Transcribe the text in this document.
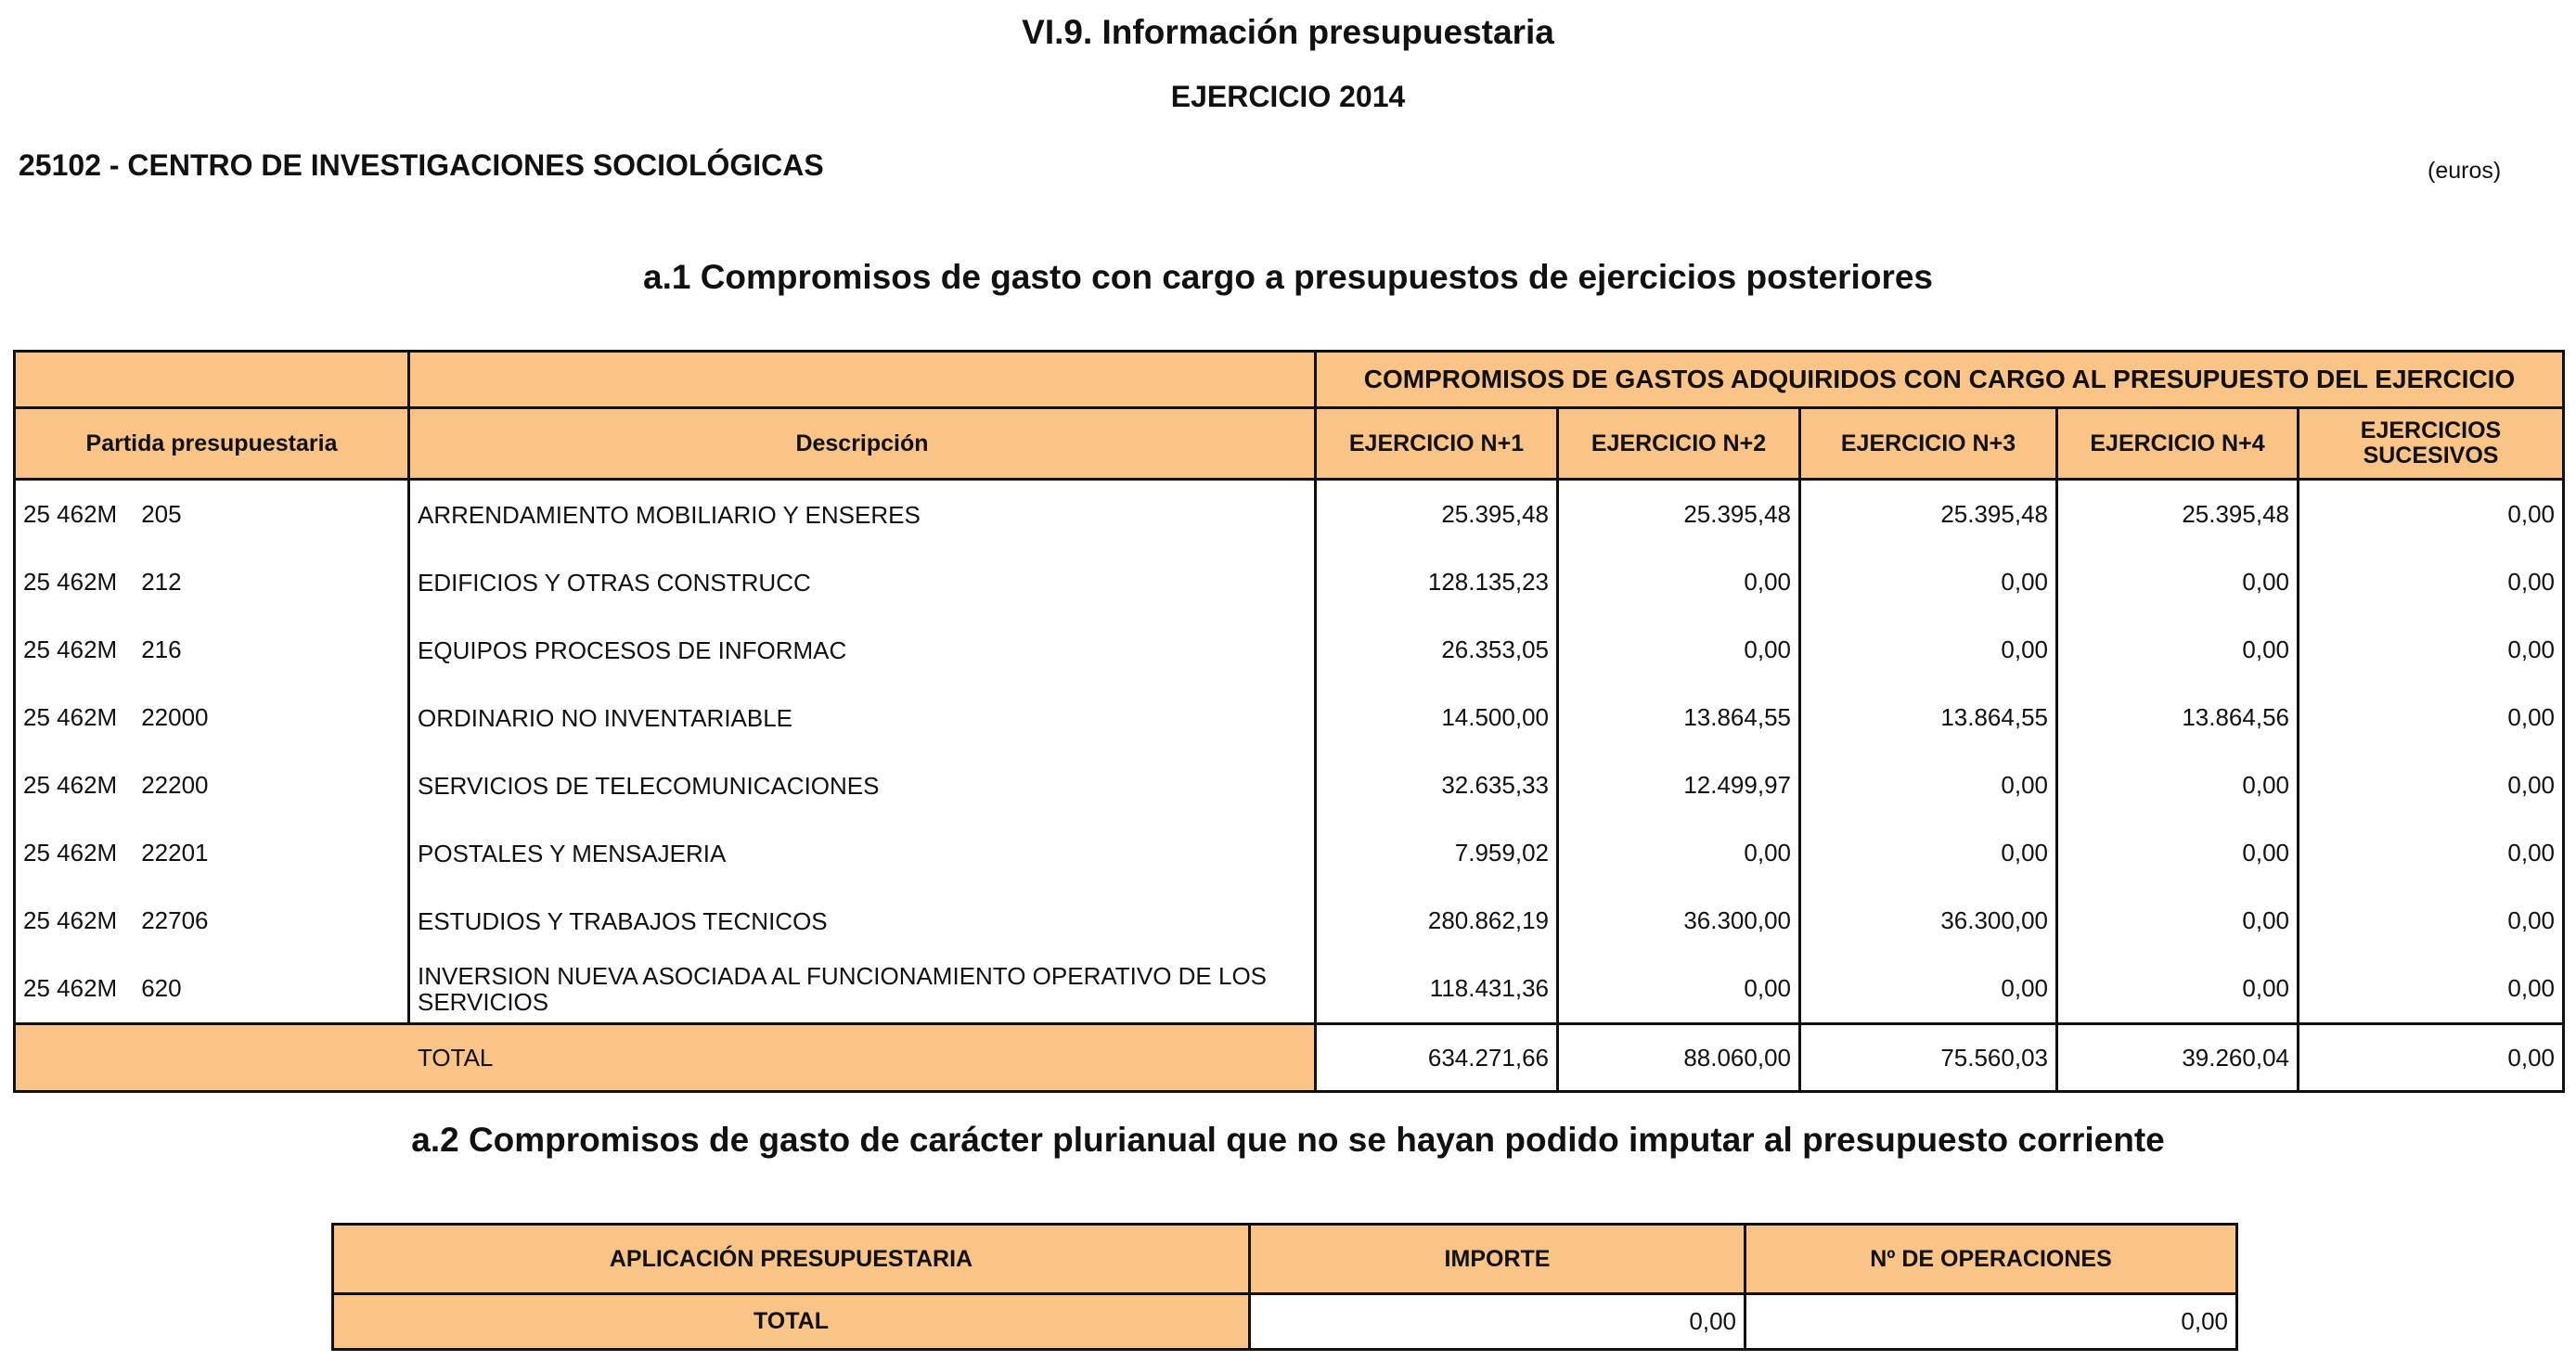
VI.9. Información presupuestaria
EJERCICIO 2014
25102 - CENTRO DE INVESTIGACIONES SOCIOLÓGICAS	(euros)
a.1 Compromisos de gasto con cargo a presupuestos de ejercicios posteriores
		COMPROMISOS DE GASTOS ADQUIRIDOS CON CARGO AL PRESUPUESTO DEL EJERCICIO				
Partida presupuestaria	Descripción	EJERCICIO N+1	EJERCICIO N+2	EJERCICIO N+3	EJERCICIO N+4	EJERCICIOS SUCESIVOS
25 462M 205	ARRENDAMIENTO MOBILIARIO Y ENSERES	25.395,48	25.395,48	25.395,48	25.395,48	0,00
25 462M 212	EDIFICIOS Y OTRAS CONSTRUCC	128.135,23	0,00	0,00	0,00	0,00
25 462M 216	EQUIPOS PROCESOS DE INFORMAC	26.353,05	0,00	0,00	0,00	0,00
25 462M 22000	ORDINARIO NO INVENTARIABLE	14.500,00	13.864,55	13.864,55	13.864,56	0,00
25 462M 22200	SERVICIOS DE TELECOMUNICACIONES	32.635,33	12.499,97	0,00	0,00	0,00
25 462M 22201	POSTALES Y MENSAJERIA	7.959,02	0,00	0,00	0,00	0,00
25 462M 22706	ESTUDIOS Y TRABAJOS TECNICOS	280.862,19	36.300,00	36.300,00	0,00	0,00
25 462M 620	INVERSION NUEVA ASOCIADA AL FUNCIONAMIENTO OPERATIVO DE LOS SERVICIOS	118.431,36	0,00	0,00	0,00	0,00
TOTAL		634.271,66	88.060,00	75.560,03	39.260,04	0,00
a.2 Compromisos de gasto de carácter plurianual que no se hayan podido imputar al presupuesto corriente
APLICACIÓN PRESUPUESTARIA	IMPORTE	Nº DE OPERACIONES
TOTAL	0,00	0,00
